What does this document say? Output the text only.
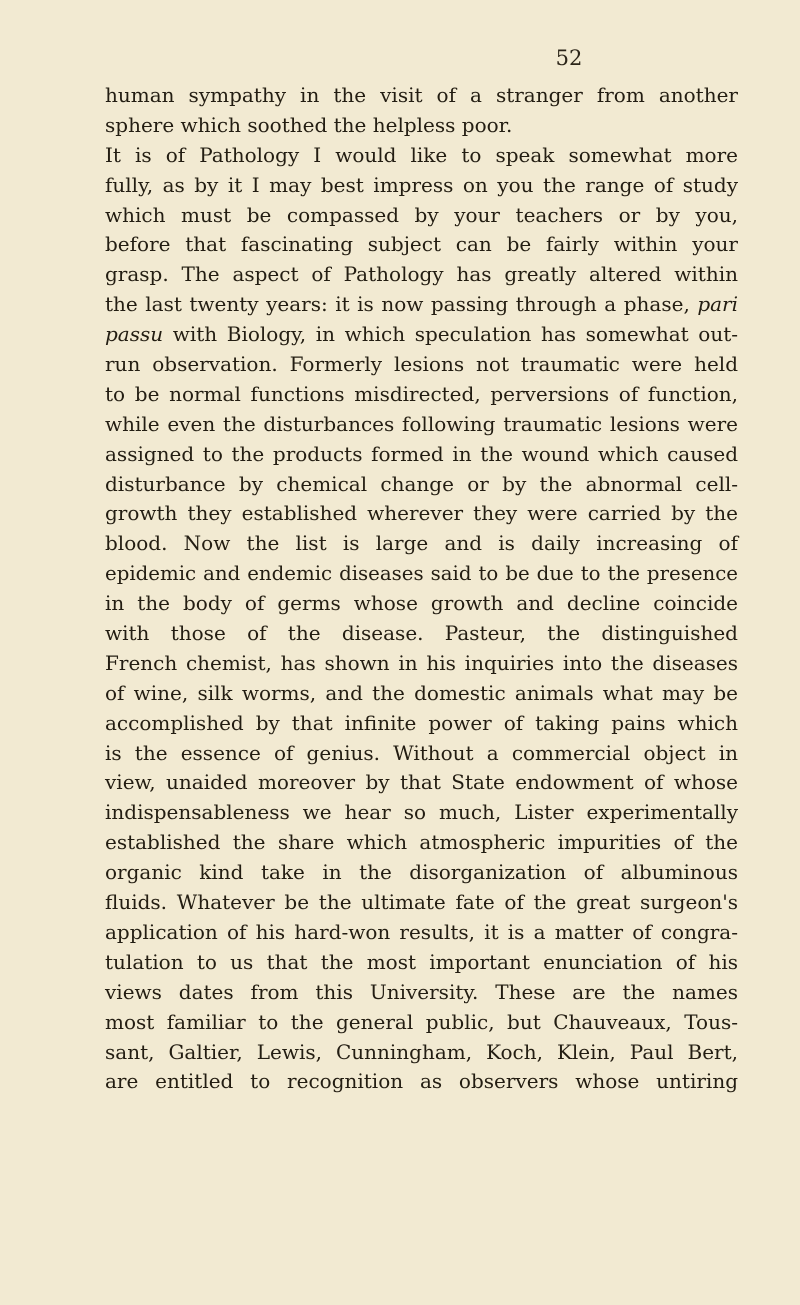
52
human sympathy in the visit of a stranger from another
sphere which soothed the helpless poor.
It is of Pathology I would like to speak somewhat more
fully, as by it I may best impress on you the range of study
which must be compassed by your teachers or by you,
before that fascinating subject can be fairly within your
grasp. The aspect of Pathology has greatly altered within
the last twenty years: it is now passing through a phase, pari
passu with Biology, in which speculation has somewhat out-
run observation. Formerly lesions not traumatic were held
to be normal functions misdirected, perversions of function,
while even the disturbances following traumatic lesions were
assigned to the products formed in the wound which caused
disturbance by chemical change or by the abnormal cell-
growth they established wherever they were carried by the
blood. Now the list is large and is daily increasing of
epidemic and endemic diseases said to be due to the presence
in the body of germs whose growth and decline coincide
with those of the disease. Pasteur, the distinguished
French chemist, has shown in his inquiries into the diseases
of wine, silk worms, and the domestic animals what may be
accomplished by that infinite power of taking pains which
is the essence of genius. Without a commercial object in
view, unaided moreover by that State endowment of whose
indispensableness we hear so much, Lister experimentally
established the share which atmospheric impurities of the
organic kind take in the disorganization of albuminous
fluids. Whatever be the ultimate fate of the great surgeon's
application of his hard-won results, it is a matter of congra-
tulation to us that the most important enunciation of his
views dates from this University. These are the names
most familiar to the general public, but Chauveaux, Tous-
sant, Galtier, Lewis, Cunningham, Koch, Klein, Paul Bert,
are entitled to recognition as observers whose untiring
